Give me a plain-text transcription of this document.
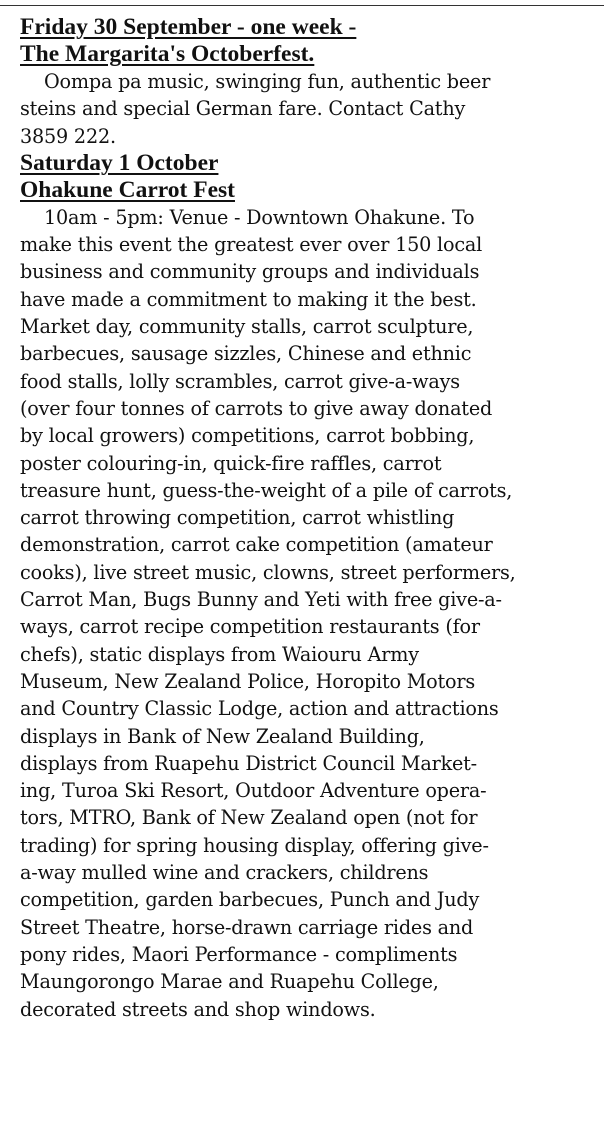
Friday 30 September - one week -
The Margarita's Octoberfest.

Oompa pa music, swinging fun, authentic beer
steins and special German fare. Contact Cathy
3859 222.

Saturday 1 October
Ohakune Carrot Fest

10am - 5pm: Venue - Downtown Ohakune. To
make this event the greatest ever over 150 local
business and community groups and individuals
have made a commitment to making it the best.
Market day, community stalls, carrot sculpture,
barbecues, sausage sizzles, Chinese and ethnic
food stalls, lolly scrambles, carrot give-a-ways
(over four tonnes of carrots to give away donated
by local growers) competitions, carrot bobbing,
poster colouring-in, quick-fire raffles, carrot
treasure hunt, guess-the-weight of a pile of carrots,
carrot throwing competition, carrot whistling
demonstration, carrot cake competition (amateur
cooks), live street music, clowns, street performers,
Carrot Man, Bugs Bunny and Yeti with free give-a-
ways, carrot recipe competition restaurants (for
chefs), static displays from Waiouru Army
Museum, New Zealand Police, Horopito Motors
and Country Classic Lodge, action and attractions
displays in Bank of New Zealand Building,
displays from Ruapehu District Council Market-
ing, Turoa Ski Resort, Outdoor Adventure opera-
tors, MTRO, Bank of New Zealand open (not for
trading) for spring housing display, offering give-
a-way mulled wine and crackers, childrens
competition, garden barbecues, Punch and Judy
Street Theatre, horse-drawn carriage rides and
pony rides, Maori Performance - compliments
Maungorongo Marae and Ruapehu College,
decorated streets and shop windows.
